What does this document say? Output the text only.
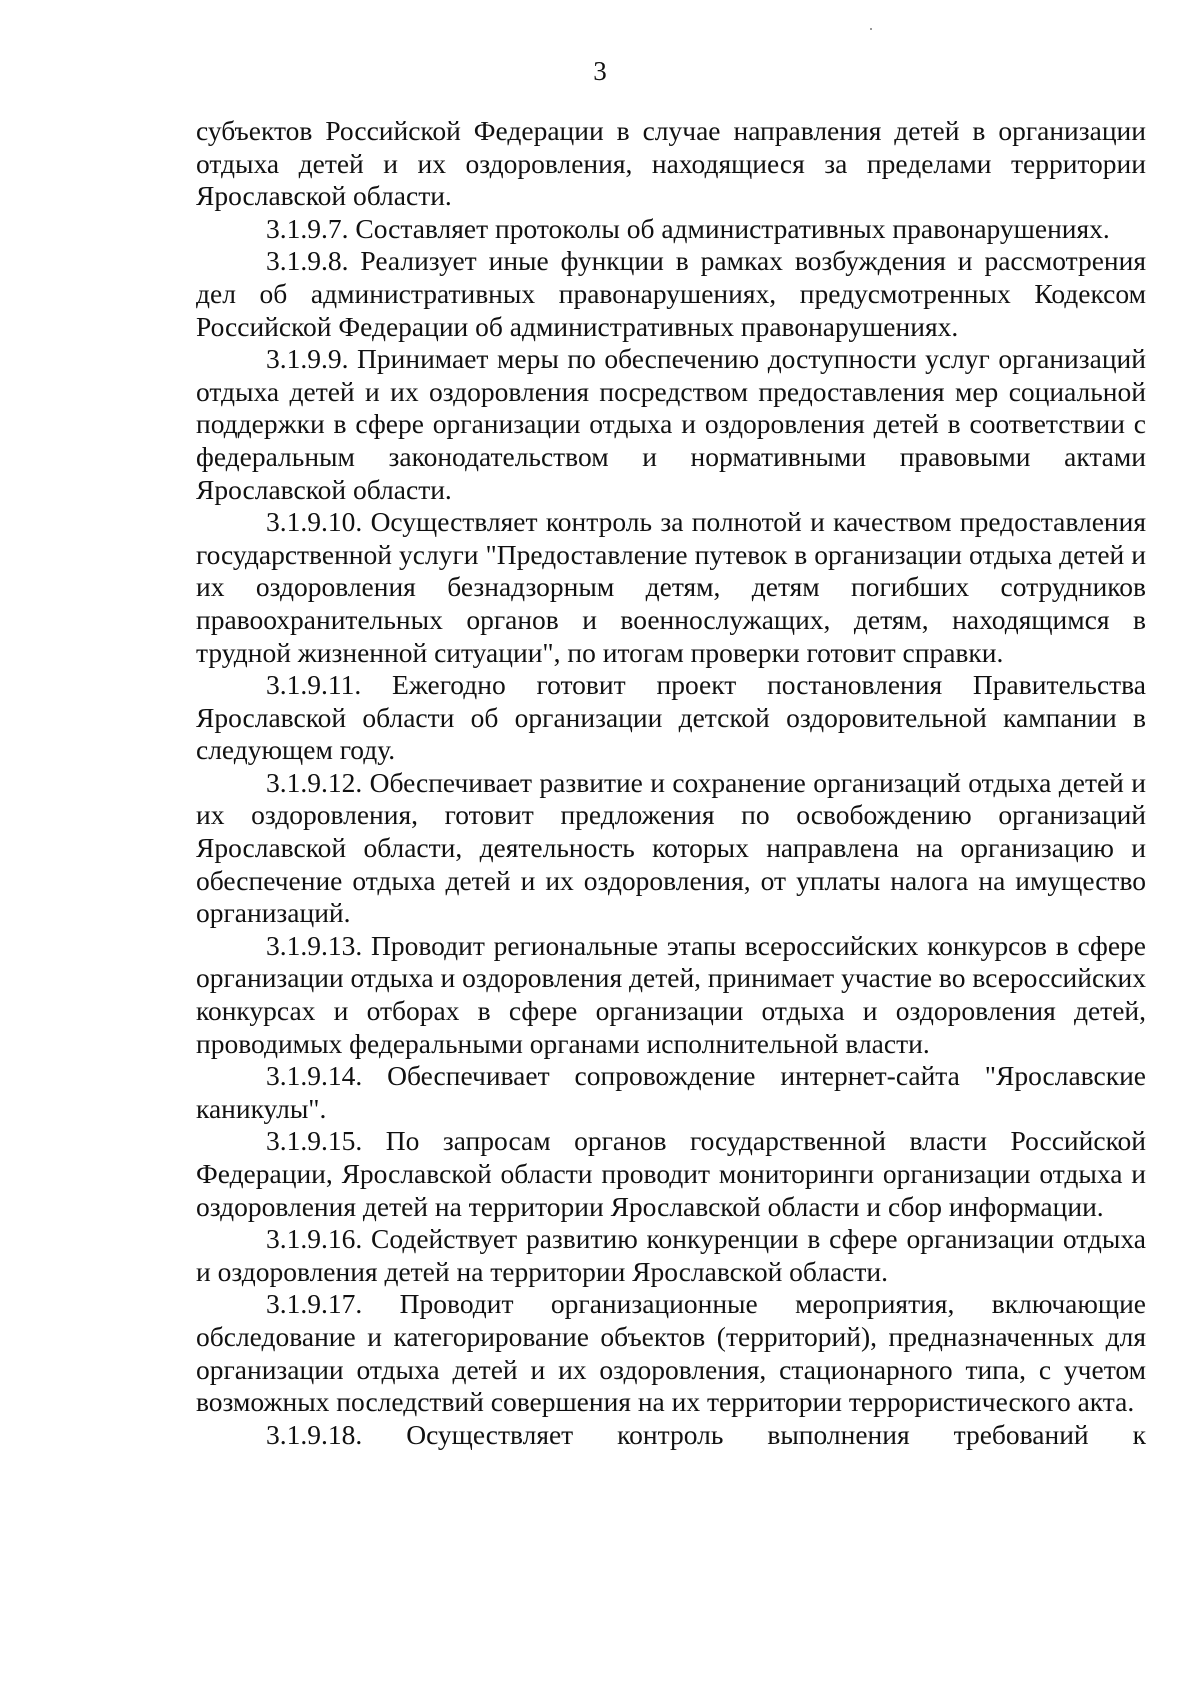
3

субъектов Российской Федерации в случае направления детей в организации отдыха детей и их оздоровления, находящиеся за пределами территории Ярославской области.

3.1.9.7. Составляет протоколы об административных правонарушениях.

3.1.9.8. Реализует иные функции в рамках возбуждения и рассмотрения дел об административных правонарушениях, предусмотренных Кодексом Российской Федерации об административных правонарушениях.

3.1.9.9. Принимает меры по обеспечению доступности услуг организаций отдыха детей и их оздоровления посредством предоставления мер социальной поддержки в сфере организации отдыха и оздоровления детей в соответствии с федеральным законодательством и нормативными правовыми актами Ярославской области.

3.1.9.10. Осуществляет контроль за полнотой и качеством предоставления государственной услуги "Предоставление путевок в организации отдыха детей и их оздоровления безнадзорным детям, детям погибших сотрудников правоохранительных органов и военнослужащих, детям, находящимся в трудной жизненной ситуации", по итогам проверки готовит справки.

3.1.9.11. Ежегодно готовит проект постановления Правительства Ярославской области об организации детской оздоровительной кампании в следующем году.

3.1.9.12. Обеспечивает развитие и сохранение организаций отдыха детей и их оздоровления, готовит предложения по освобождению организаций Ярославской области, деятельность которых направлена на организацию и обеспечение отдыха детей и их оздоровления, от уплаты налога на имущество организаций.

3.1.9.13. Проводит региональные этапы всероссийских конкурсов в сфере организации отдыха и оздоровления детей, принимает участие во всероссийских конкурсах и отборах в сфере организации отдыха и оздоровления детей, проводимых федеральными органами исполнительной власти.

3.1.9.14. Обеспечивает сопровождение интернет-сайта "Ярославские каникулы".

3.1.9.15. По запросам органов государственной власти Российской Федерации, Ярославской области проводит мониторинги организации отдыха и оздоровления детей на территории Ярославской области и сбор информации.

3.1.9.16. Содействует развитию конкуренции в сфере организации отдыха и оздоровления детей на территории Ярославской области.

3.1.9.17. Проводит организационные мероприятия, включающие обследование и категорирование объектов (территорий), предназначенных для организации отдыха детей и их оздоровления, стационарного типа, с учетом возможных последствий совершения на их территории террористического акта.

3.1.9.18. Осуществляет контроль выполнения требований к
